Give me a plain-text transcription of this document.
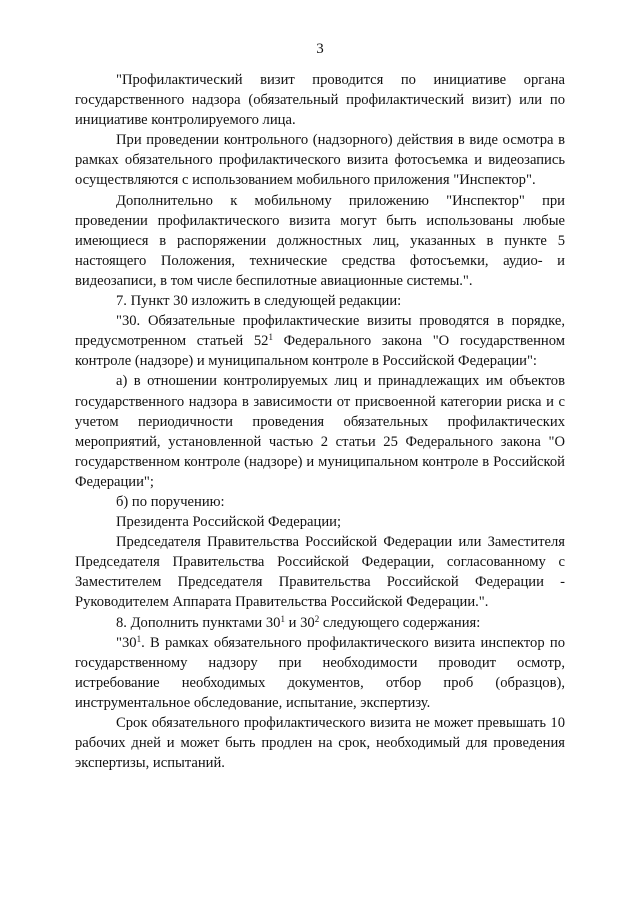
3

"Профилактический визит проводится по инициативе органа государственного надзора (обязательный профилактический визит) или по инициативе контролируемого лица.

При проведении контрольного (надзорного) действия в виде осмотра в рамках обязательного профилактического визита фотосъемка и видеозапись осуществляются с использованием мобильного приложения "Инспектор".

Дополнительно к мобильному приложению "Инспектор" при проведении профилактического визита могут быть использованы любые имеющиеся в распоряжении должностных лиц, указанных в пункте 5 настоящего Положения, технические средства фотосъемки, аудио- и видеозаписи, в том числе беспилотные авиационные системы.".

7. Пункт 30 изложить в следующей редакции:

"30. Обязательные профилактические визиты проводятся в порядке, предусмотренном статьей $52^1$ Федерального закона "О государственном контроле (надзоре) и муниципальном контроле в Российской Федерации":

а) в отношении контролируемых лиц и принадлежащих им объектов государственного надзора в зависимости от присвоенной категории риска и с учетом периодичности проведения обязательных профилактических мероприятий, установленной частью 2 статьи 25 Федерального закона "О государственном контроле (надзоре) и муниципальном контроле в Российской Федерации";

б) по поручению:

Президента Российской Федерации;

Председателя Правительства Российской Федерации или Заместителя Председателя Правительства Российской Федерации, согласованному с Заместителем Председателя Правительства Российской Федерации - Руководителем Аппарата Правительства Российской Федерации.".

8. Дополнить пунктами $30^1$ и $30^2$ следующего содержания:

"$30^1$. В рамках обязательного профилактического визита инспектор по государственному надзору при необходимости проводит осмотр, истребование необходимых документов, отбор проб (образцов), инструментальное обследование, испытание, экспертизу.

Срок обязательного профилактического визита не может превышать 10 рабочих дней и может быть продлен на срок, необходимый для проведения экспертизы, испытаний.
